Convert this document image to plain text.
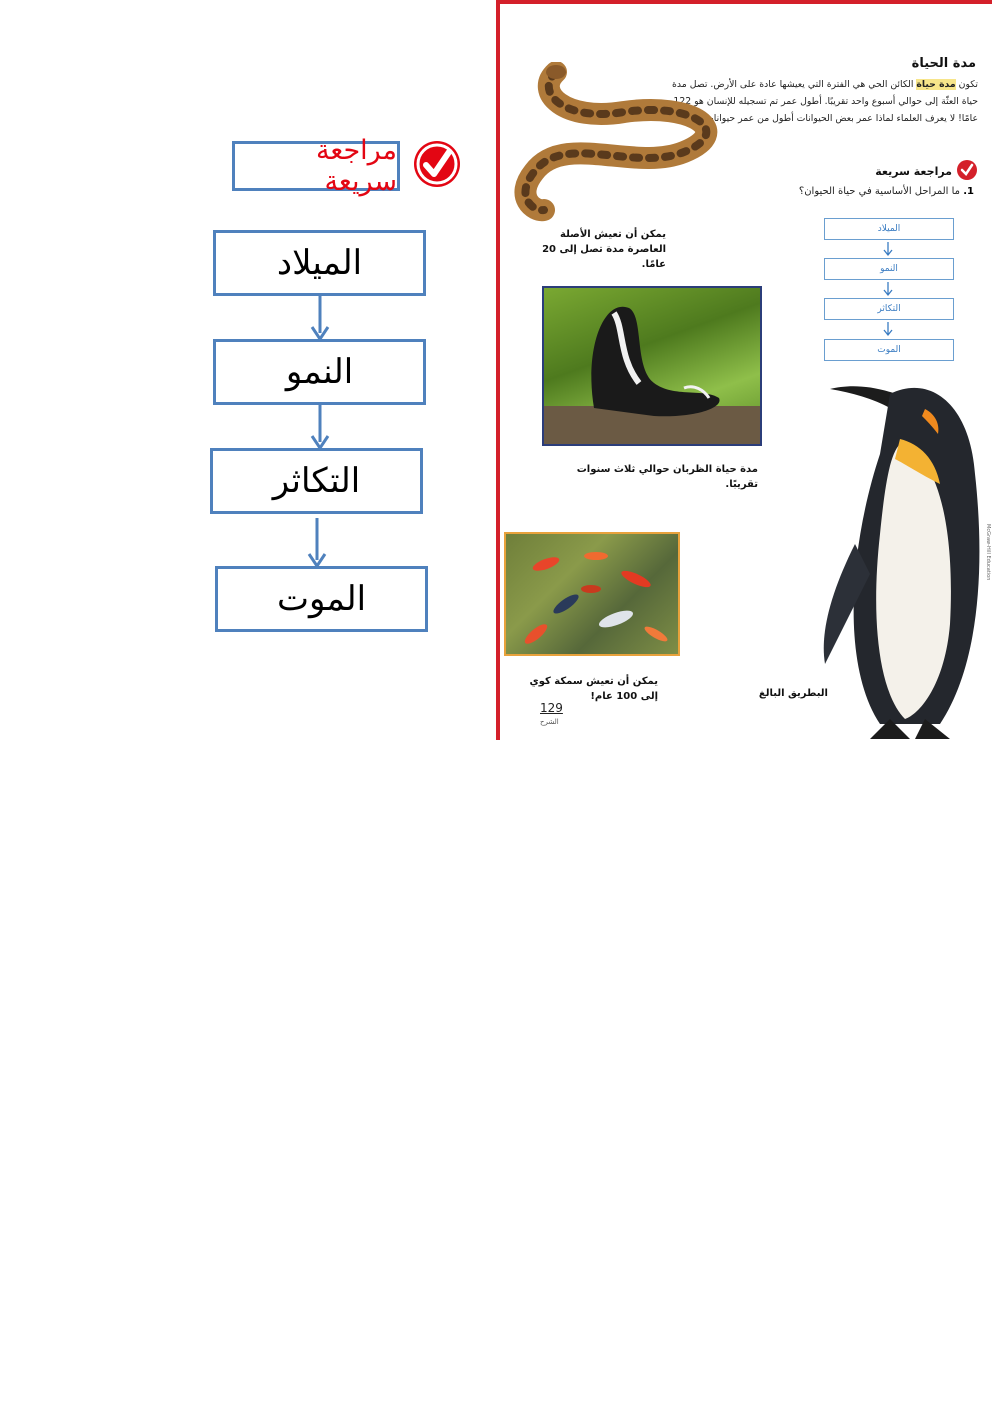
مراجعة سريعة
الميلاد
النمو
التكاثر
الموت
مدة الحياة
تكون مدة حياة الكائن الحي هي الفترة التي يعيشها عادة على الأرض. تصل مدة حياة العثّة إلى حوالي أسبوع واحد تقريبًا. أطول عمر تم تسجيله للإنسان هو 122 عامًا! لا يعرف العلماء لماذا عمر بعض الحيوانات أطول من عمر حيوانات أخرى.
مراجعة سريعة
1. ما المراحل الأساسية في حياة الحيوان؟
الميلاد
النمو
التكاثر
الموت
يمكن أن تعيش الأصلة العاصرة مدة تصل إلى 20 عامًا.
مدة حياة الظربان حوالي ثلاث سنوات تقريبًا.
يمكن أن تعيش سمكة كوي إلى 100 عام!	البطريق البالغ
129
الشرح
McGraw-Hill Education
